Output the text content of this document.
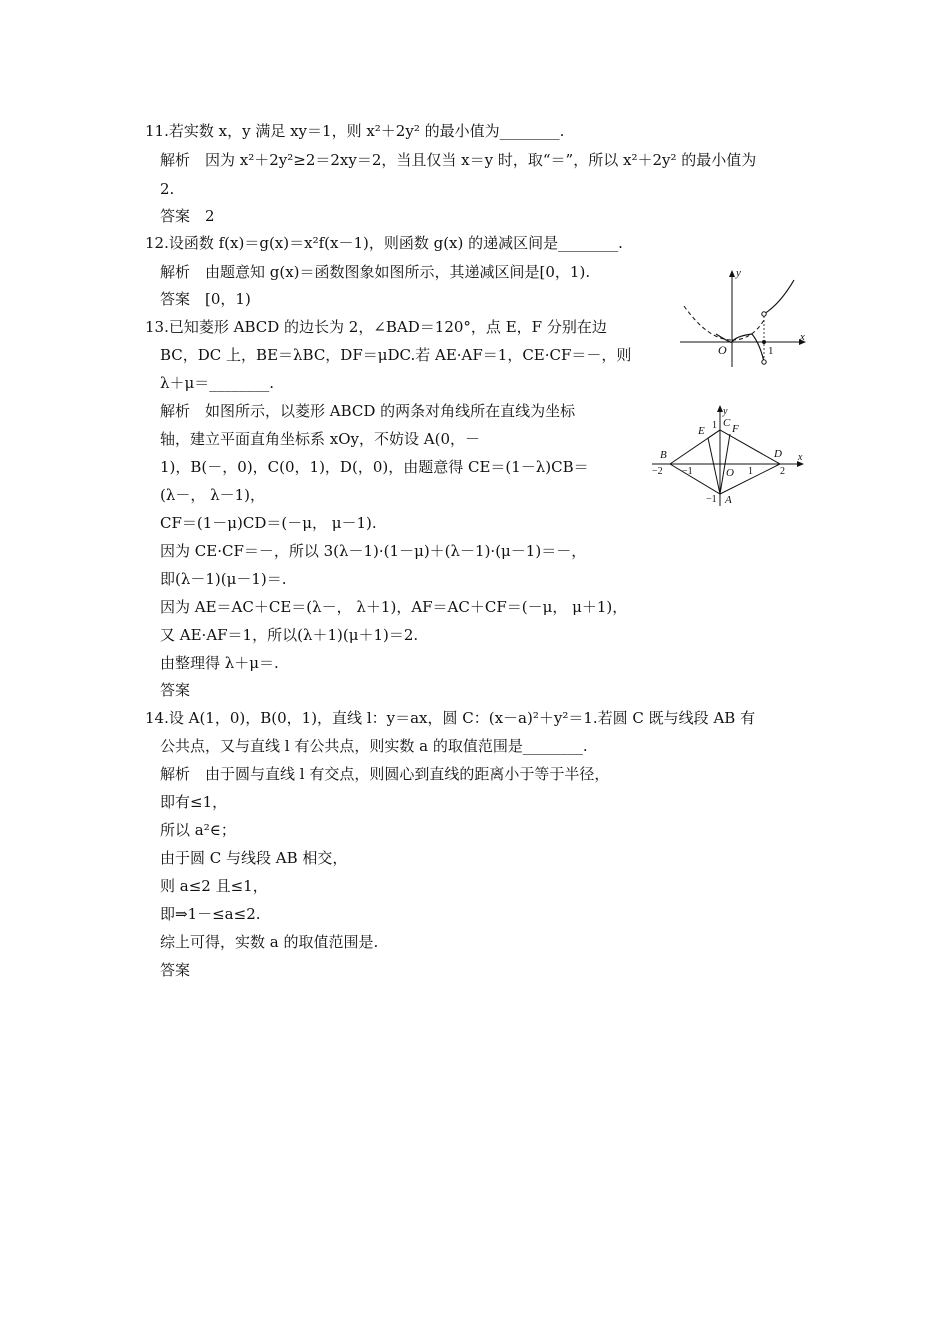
11.若实数 x，y 满足 xy＝1，则 x²＋2y² 的最小值为________.
解析　因为 x²＋2y²≥2＝2xy＝2，当且仅当 x＝y 时，取“＝”，所以 x²＋2y² 的最小值为
2.
答案　2
12.设函数 f(x)＝g(x)＝x²f(x－1)，则函数 g(x) 的递减区间是________.
解析　由题意知 g(x)＝函数图象如图所示，其递减区间是[0，1).
答案　[0，1)
13.已知菱形 ABCD 的边长为 2，∠BAD＝120°，点 E，F 分别在边
BC，DC 上，BE＝λBC，DF＝μDC.若 AE·AF＝1，CE·CF＝－，则
λ＋μ＝________.
解析　如图所示，以菱形 ABCD 的两条对角线所在直线为坐标
轴，建立平面直角坐标系 xOy，不妨设 A(0，－
1)，B(－，0)，C(0，1)，D(，0)，由题意得 CE＝(1－λ)CB＝
(λ－， λ－1)，
CF＝(1－μ)CD＝(－μ， μ－1).
因为 CE·CF＝－，所以 3(λ－1)·(1－μ)＋(λ－1)·(μ－1)＝－，
即(λ－1)(μ－1)＝.
因为 AE＝AC＋CE＝(λ－， λ＋1)，AF＝AC＋CF＝(－μ， μ＋1)，
又 AE·AF＝1，所以(λ＋1)(μ＋1)＝2.
由整理得 λ＋μ＝.
答案
14.设 A(1，0)，B(0，1)，直线 l：y＝ax，圆 C：(x－a)²＋y²＝1.若圆 C 既与线段 AB 有
公共点，又与直线 l 有公共点，则实数 a 的取值范围是________.
解析　由于圆与直线 l 有交点，则圆心到直线的距离小于等于半径，
即有≤1，
所以 a²∈；
由于圆 C 与线段 AB 相交，
则 a≤2 且≤1，
即⇒1－≤a≤2.
综上可得，实数 a 的取值范围是.
答案
y
x
O	1
y
x
1 C
E F
B	D
O
A
−2 −1	1	2
−1
